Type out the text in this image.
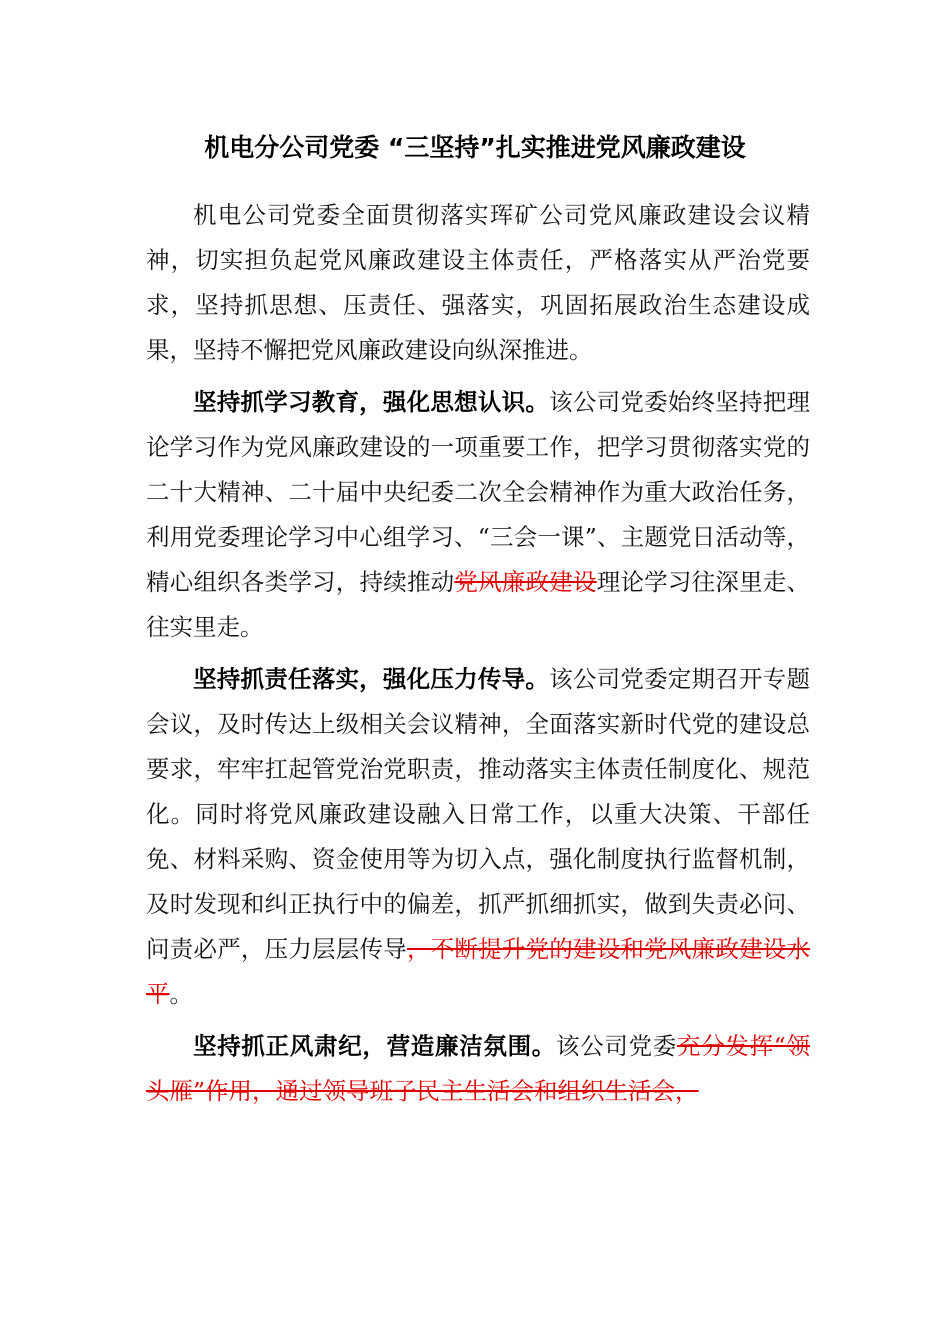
机电分公司党委 “三坚持”扎实推进党风廉政建设

机电公司党委全面贯彻落实珲矿公司党风廉政建设会议精神，切实担负起党风廉政建设主体责任，严格落实从严治党要求，坚持抓思想、压责任、强落实，巩固拓展政治生态建设成果，坚持不懈把党风廉政建设向纵深推进。

坚持抓学习教育，强化思想认识。该公司党委始终坚持把理论学习作为党风廉政建设的一项重要工作，把学习贯彻落实党的二十大精神、二十届中央纪委二次全会精神作为重大政治任务，利用党委理论学习中心组学习、“三会一课”、主题党日活动等，精心组织各类学习，持续推动党风廉政建设理论学习往深里走、往实里走。

坚持抓责任落实，强化压力传导。该公司党委定期召开专题会议，及时传达上级相关会议精神，全面落实新时代党的建设总要求，牢牢扛起管党治党职责，推动落实主体责任制度化、规范化。同时将党风廉政建设融入日常工作，以重大决策、干部任免、材料采购、资金使用等为切入点，强化制度执行监督机制，及时发现和纠正执行中的偏差，抓严抓细抓实，做到失责必问、问责必严，压力层层传导，不断提升党的建设和党风廉政建设水平。

坚持抓正风肃纪，营造廉洁氛围。该公司党委充分发挥“领头雁”作用，通过领导班子民主生活会和组织生活会，
